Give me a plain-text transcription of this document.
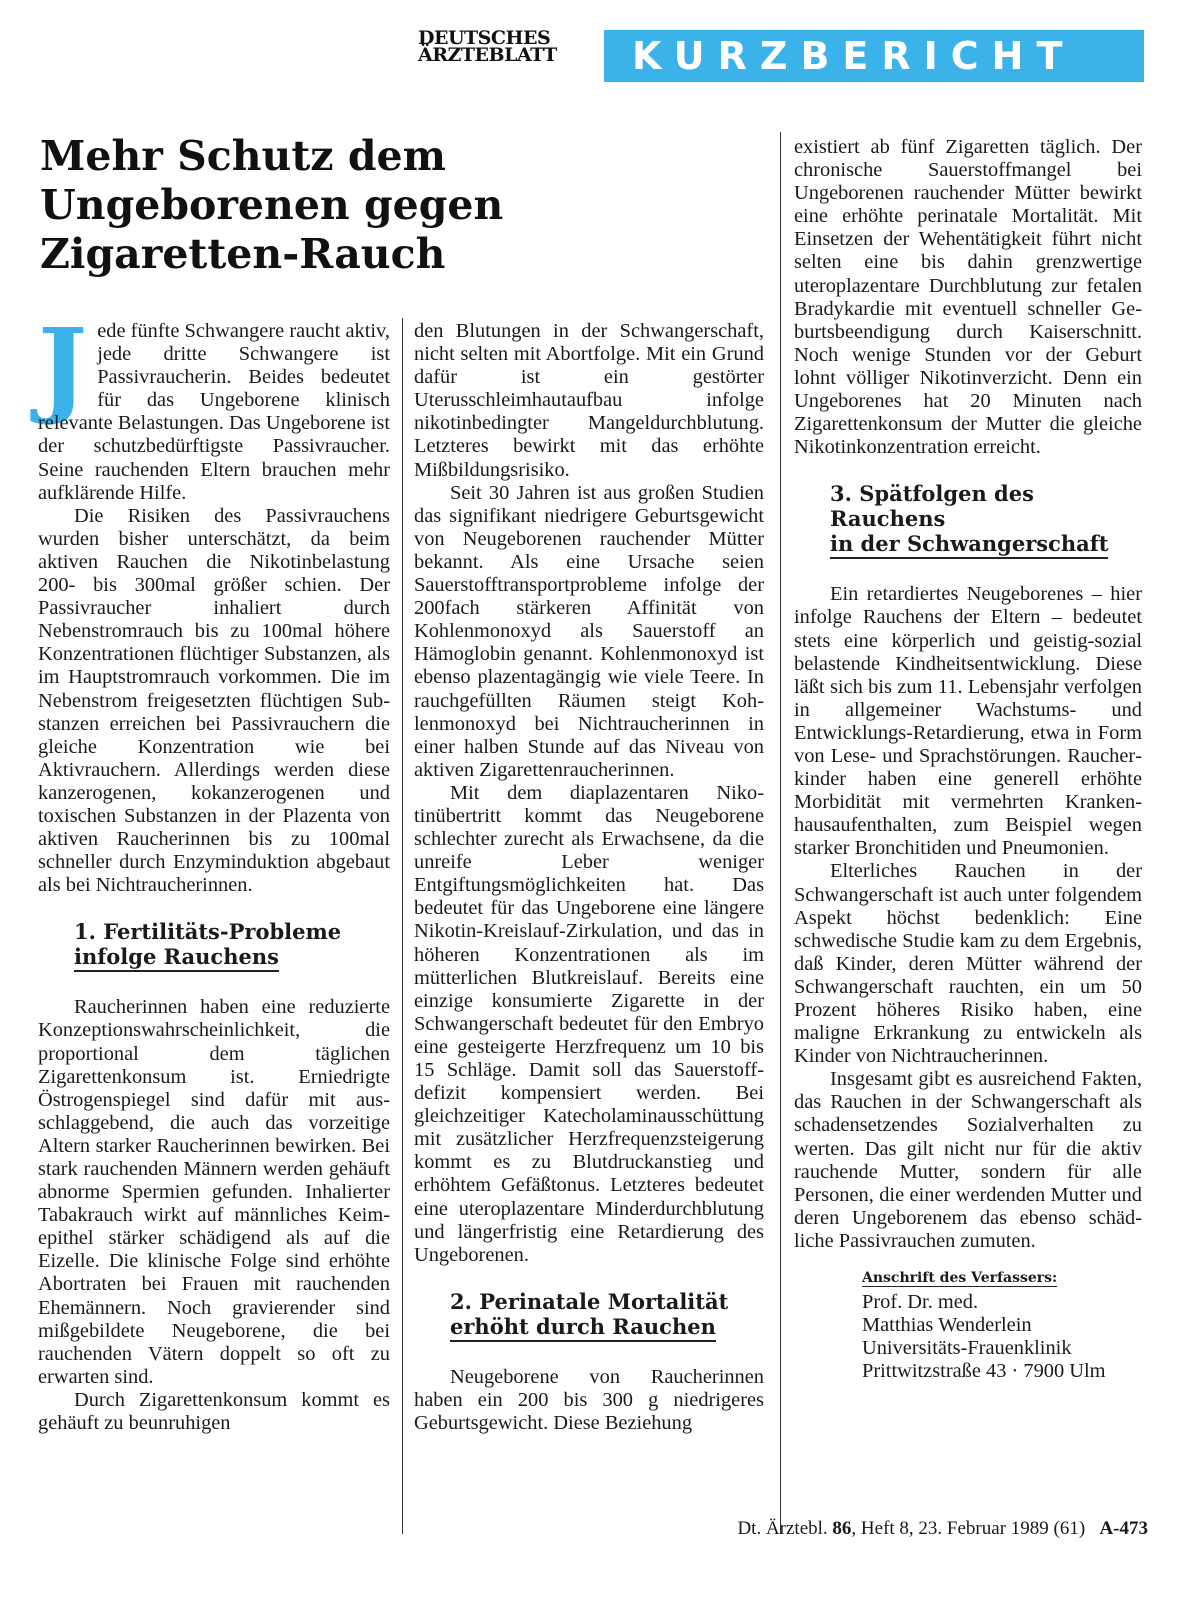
DEUTSCHES
ÄRZTEBLATT	KURZBERICHT
Mehr Schutz dem Ungeborenen gegen Zigaretten-Rauch

Jede fünfte Schwangere raucht aktiv, jede dritte Schwangere ist Passivraucherin. Beides bedeutet für das Ungeborene klinisch relevante Belastungen. Das Ungeborene ist der schutzbedürftigste Passivraucher. Seine rauchenden Eltern brauchen mehr aufklärende Hilfe.

Die Risiken des Passivrauchens wurden bisher unterschätzt, da beim aktiven Rauchen die Nikotinbelastung 200- bis 300mal größer schien. Der Passivraucher inhaliert durch Nebenstromrauch bis zu 100mal höhere Konzentrationen flüchtiger Substanzen, als im Hauptstromrauch vorkommen. Die im Nebenstrom freigesetzten flüchtigen Substanzen erreichen bei Passivrauchern die gleiche Konzentration wie bei Aktivrauchern. Allerdings werden diese kanzerogenen, kokanzerogenen und toxischen Substanzen in der Plazenta von aktiven Raucherinnen bis zu 100mal schneller durch Enzyminduktion abgebaut als bei Nichtraucherinnen.

1. Fertilitäts-Probleme
infolge Rauchens

Raucherinnen haben eine reduzierte Konzeptionswahrscheinlichkeit, die proportional dem täglichen Zigarettenkonsum ist. Erniedrigte Östrogenspiegel sind dafür mit ausschlaggebend, die auch das vorzeitige Altern starker Raucherinnen bewirken. Bei stark rauchenden Männern werden gehäuft abnorme Spermien gefunden. Inhalierter Tabakrauch wirkt auf männliches Keimepithel stärker schädigend als auf die Eizelle. Die klinische Folge sind erhöhte Abortraten bei Frauen mit rauchenden Ehemännern. Noch gravierender sind mißgebildete Neugeborene, die bei rauchenden Vätern doppelt so oft zu erwarten sind.

Durch Zigarettenkonsum kommt es gehäuft zu beunruhigen

den Blutungen in der Schwangerschaft, nicht selten mit Abortfolge. Mit ein Grund dafür ist ein gestörter Uterusschleimhautaufbau infolge nikotinbedingter Mangeldurchblutung. Letzteres bewirkt mit das erhöhte Mißbildungsrisiko.

Seit 30 Jahren ist aus großen Studien das signifikant niedrigere Geburtsgewicht von Neugeborenen rauchender Mütter bekannt. Als eine Ursache seien Sauerstofftransportprobleme infolge der 200fach stärkeren Affinität von Kohlenmonoxyd als Sauerstoff an Hämoglobin genannt. Kohlenmonoxyd ist ebenso plazentagängig wie viele Teere. In rauchgefüllten Räumen steigt Kohlenmonoxyd bei Nichtraucherinnen in einer halben Stunde auf das Niveau von aktiven Zigarettenraucherinnen.

Mit dem diaplazentaren Nikotinübertritt kommt das Neugeborene schlechter zurecht als Erwachsene, da die unreife Leber weniger Entgiftungsmöglichkeiten hat. Das bedeutet für das Ungeborene eine längere Nikotin-Kreislauf-Zirkulation, und das in höheren Konzentrationen als im mütterlichen Blutkreislauf. Bereits eine einzige konsumierte Zigarette in der Schwangerschaft bedeutet für den Embryo eine gesteigerte Herzfrequenz um 10 bis 15 Schläge. Damit soll das Sauerstoffdefizit kompensiert werden. Bei gleichzeitiger Katecholaminausschüttung mit zusätzlicher Herzfrequenzsteigerung kommt es zu Blutdruckanstieg und erhöhtem Gefäßtonus. Letzteres bedeutet eine uteroplazentare Minderdurchblutung und längerfristig eine Retardierung des Ungeborenen.

2. Perinatale Mortalität
erhöht durch Rauchen

Neugeborene von Raucherinnen haben ein 200 bis 300 g niedrigeres Geburtsgewicht. Diese Beziehung

existiert ab fünf Zigaretten täglich. Der chronische Sauerstoffmangel bei Ungeborenen rauchender Mütter bewirkt eine erhöhte perinatale Mortalität. Mit Einsetzen der Wehentätigkeit führt nicht selten eine bis dahin grenzwertige uteroplazentare Durchblutung zur fetalen Bradykardie mit eventuell schneller Geburtsbeendigung durch Kaiserschnitt. Noch wenige Stunden vor der Geburt lohnt völliger Nikotinverzicht. Denn ein Ungeborenes hat 20 Minuten nach Zigarettenkonsum der Mutter die gleiche Nikotinkonzentration erreicht.

3. Spätfolgen des
Rauchens
in der Schwangerschaft

Ein retardiertes Neugeborenes – hier infolge Rauchens der Eltern – bedeutet stets eine körperlich und geistig-sozial belastende Kindheitsentwicklung. Diese läßt sich bis zum 11. Lebensjahr verfolgen in allgemeiner Wachstums- und Entwicklungs-Retardierung, etwa in Form von Lese- und Sprachstörungen. Raucherkinder haben eine generell erhöhte Morbidität mit vermehrten Krankenhausaufenthalten, zum Beispiel wegen starker Bronchitiden und Pneumonien.

Elterliches Rauchen in der Schwangerschaft ist auch unter folgendem Aspekt höchst bedenklich: Eine schwedische Studie kam zu dem Ergebnis, daß Kinder, deren Mütter während der Schwangerschaft rauchten, ein um 50 Prozent höheres Risiko haben, eine maligne Erkrankung zu entwickeln als Kinder von Nichtraucherinnen.

Insgesamt gibt es ausreichend Fakten, das Rauchen in der Schwangerschaft als schadensetzendes Sozialverhalten zu werten. Das gilt nicht nur für die aktiv rauchende Mutter, sondern für alle Personen, die einer werdenden Mutter und deren Ungeborenem das ebenso schädliche Passivrauchen zumuten.

Anschrift des Verfassers:
Prof. Dr. med.
Matthias Wenderlein
Universitäts-Frauenklinik
Prittwitzstraße 43 · 7900 Ulm
Dt. Ärztebl. 86, Heft 8, 23. Februar 1989 (61) A-473
